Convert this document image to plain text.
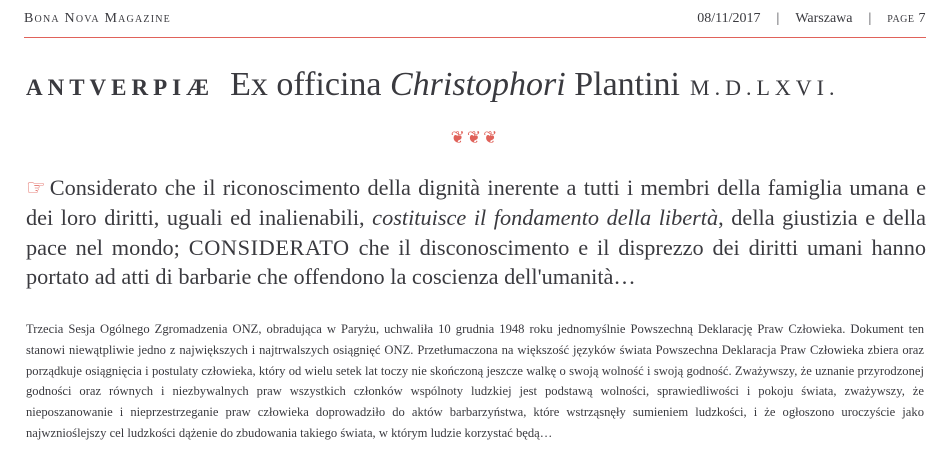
Bona Nova Magazine	08/11/2017 | Warszawa | page 7
ANTVERPIÆ Ex officina Christophori Plantini M.D.LXVI.
❦❦❦

☞ Considerato che il riconoscimento della dignità inerente a tutti i membri della famiglia umana e dei loro diritti, uguali ed inalienabili, costituisce il fondamento della libertà, della giustizia e della pace nel mondo; CONSIDERATO che il disconoscimento e il disprezzo dei diritti umani hanno portato ad atti di barbarie che offendono la coscienza dell'umanità…

Trzecia Sesja Ogólnego Zgromadzenia ONZ, obradująca w Paryżu, uchwaliła 10 grudnia 1948 roku jednomyślnie Powszechną Deklarację Praw Człowieka. Dokument ten stanowi niewątpliwie jedno z największych i najtrwalszych osiągnięć ONZ. Przetłumaczona na większość języków świata Powszechna Deklaracja Praw Człowieka zbiera oraz porządkuje osiągnięcia i postulaty człowieka, który od wielu setek lat toczy nie skończoną jeszcze walkę o swoją wolność i swoją godność. Zważywszy, że uznanie przyrodzonej godności oraz równych i niezbywalnych praw wszystkich członków wspólnoty ludzkiej jest podstawą wolności, sprawiedliwości i pokoju świata, zważywszy, że nieposzanowanie i nieprzestrzeganie praw człowieka doprowadziło do aktów barbarzyństwa, które wstrząsnęły sumieniem ludzkości, i że ogłoszono uroczyście jako najwznioślejszy cel ludzkości dążenie do zbudowania takiego świata, w którym ludzie korzystać będą…
